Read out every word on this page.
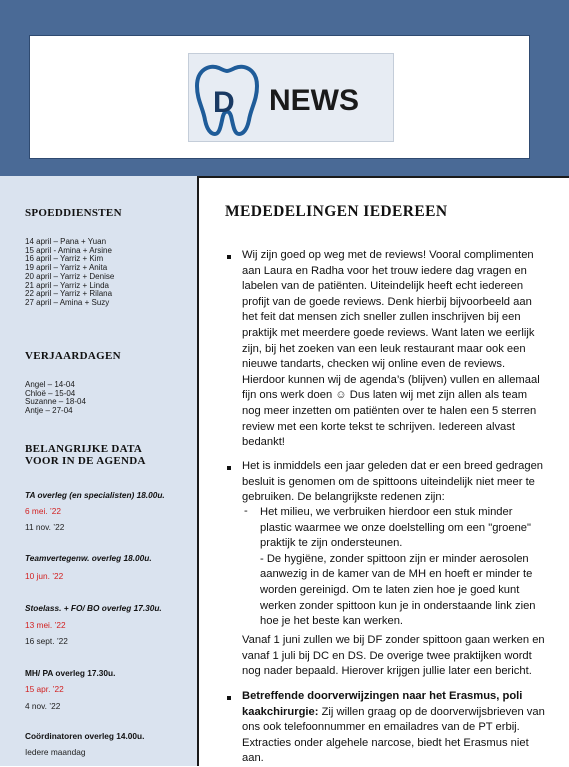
D NEWS
SPOEDDIENSTEN
14 april – Pana + Yuan
15 april - Amina + Arsine
16 april – Yarriz + Kim
19 april – Yarriz + Anita
20 april – Yarriz + Denise
21 april – Yarriz + Linda
22 april – Yarriz + Rilana
27 april – Amina + Suzy
VERJAARDAGEN
Angel – 14-04
Chloë – 15-04
Suzanne – 18-04
Antje – 27-04
BELANGRIJKE DATA
VOOR IN DE AGENDA
TA overleg (en specialisten) 18.00u.
6 mei. ’22
11 nov. ’22
Teamvertegenw. overleg 18.00u.
10 jun. ’22
Stoelass. + FO/ BO overleg 17.30u.
13 mei. ’22
16 sept. ’22
MH/ PA overleg 17.30u.
15 apr. ’22
4 nov. ’22
Coördinatoren overleg 14.00u.
Iedere maandag
MEDEDELINGEN IEDEREEN
Wij zijn goed op weg met de reviews! Vooral complimenten
aan Laura en Radha voor het trouw iedere dag vragen en
labelen van de patiënten. Uiteindelijk heeft echt iedereen
profijt van de goede reviews. Denk hierbij bijvoorbeeld aan
het feit dat mensen zich sneller zullen inschrijven bij een
praktijk met meerdere goede reviews. Want laten we eerlijk
zijn, bij het zoeken van een leuk restaurant maar ook een
nieuwe tandarts, checken wij online even de reviews.
Hierdoor kunnen wij de agenda’s (blijven) vullen en allemaal
fijn ons werk doen ☺ Dus laten wij met zijn allen als team
nog meer inzetten om patiënten over te halen een 5 sterren
review met een korte tekst te schrijven. Iedereen alvast
bedankt!
Het is inmiddels een jaar geleden dat er een breed gedragen
besluit is genomen om de spittoons uiteindelijk niet meer te
gebruiken. De belangrijkste redenen zijn:
- Het milieu, we verbruiken hierdoor een stuk minder
plastic waarmee we onze doelstelling om een "groene"
praktijk te zijn ondersteunen.
- De hygiëne, zonder spittoon zijn er minder aerosolen
aanwezig in de kamer van de MH en hoeft er minder te
worden gereinigd. Om te laten zien hoe je goed kunt
werken zonder spittoon kun je in onderstaande link zien
hoe je het beste kan werken.
Vanaf 1 juni zullen we bij DF zonder spittoon gaan werken en
vanaf 1 juli bij DC en DS. De overige twee praktijken wordt
nog nader bepaald. Hierover krijgen jullie later een bericht.
Betreffende doorverwijzingen naar het Erasmus, poli
kaakchirurgie: Zij willen graag op de doorverwijsbrieven van
ons ook telefoonnummer en emailadres van de PT erbij.
Extracties onder algehele narcose, biedt het Erasmus niet
aan.
